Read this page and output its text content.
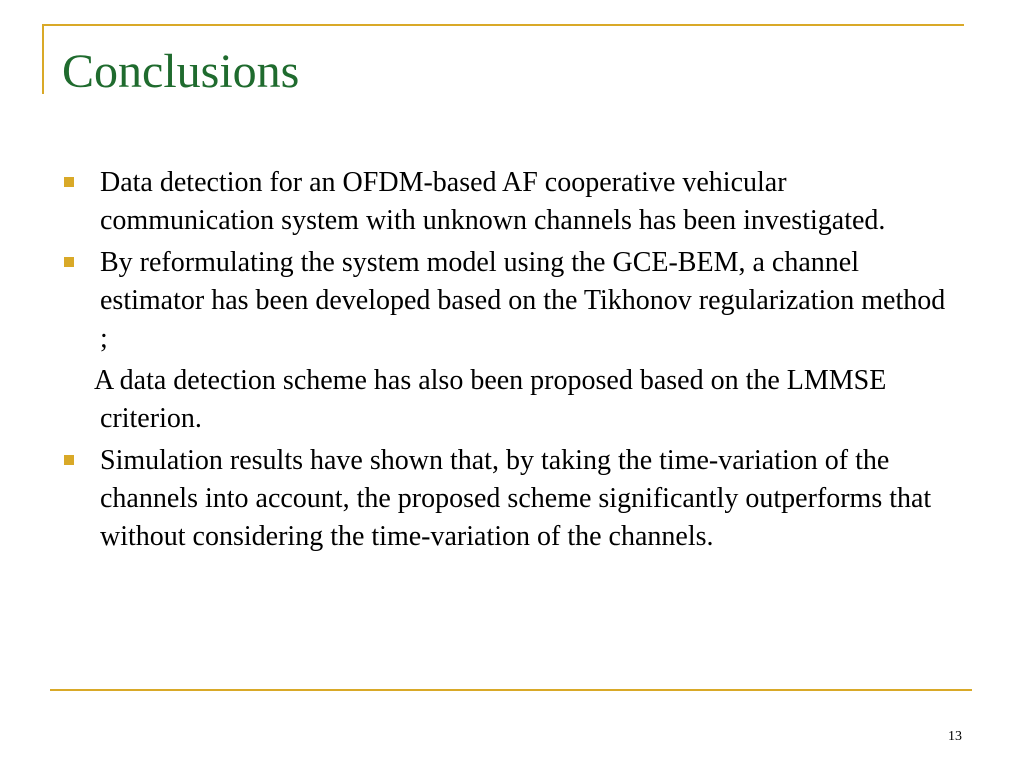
Conclusions
Data detection for an OFDM-based AF cooperative vehicular communication system with unknown channels has been investigated.
By reformulating the system model using the GCE-BEM, a channel estimator has been developed based on the Tikhonov regularization method ;
A data detection scheme has also been proposed based on the LMMSE criterion.
Simulation results have shown that, by taking the time-variation of the channels into account, the proposed scheme significantly outperforms that without considering the time-variation of the channels.
13
